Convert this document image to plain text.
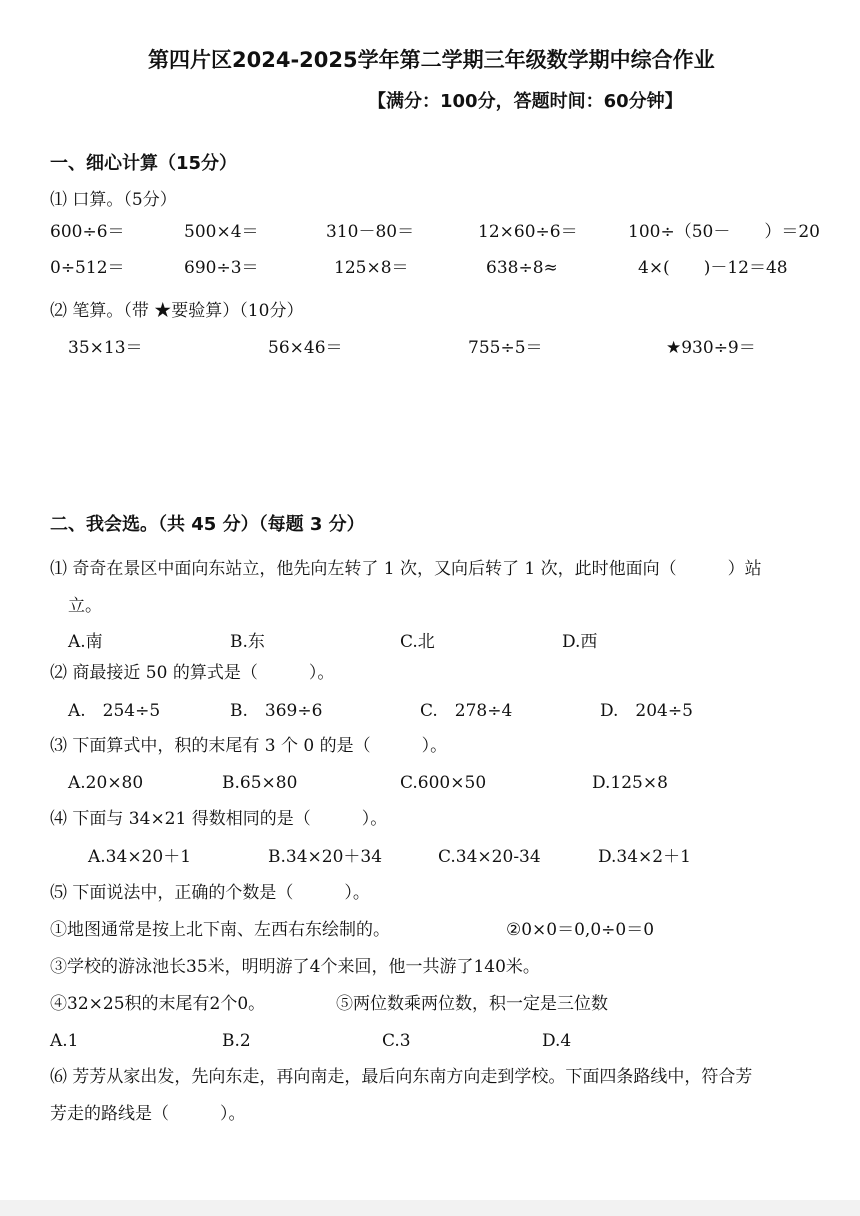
第四片区2024-2025学年第二学期三年级数学期中综合作业
【满分：100分，答题时间：60分钟】
一、细心计算（15分）
⑴ 口算。（5分）
600÷6＝	500×4＝	310－80＝	12×60÷6＝	100÷（50－　　）＝20
0÷512＝	690÷3＝	125×8＝	638÷8≈	4×(　　)－12＝48
⑵ 笔算。（带 ★要验算）（10分）
35×13＝	56×46＝	755÷5＝	★930÷9＝
二、我会选。（共 45 分）（每题 3 分）
⑴ 奇奇在景区中面向东站立，他先向左转了 1 次，又向后转了 1 次，此时他面向（　　　）站
立。
A.南	B.东	C.北	D.西
⑵ 商最接近 50 的算式是（　　　）。
A.　254÷5	B.　369÷6	C.　278÷4	D.　204÷5
⑶ 下面算式中，积的末尾有 3 个 0 的是（　　　）。
A.20×80	B.65×80	C.600×50	D.125×8
⑷ 下面与 34×21 得数相同的是（　　　）。
A.34×20＋1	B.34×20＋34	C.34×20-34	D.34×2＋1
⑸ 下面说法中，正确的个数是（　　　）。
①地图通常是按上北下南、左西右东绘制的。	②0×0＝0,0÷0＝0
③学校的游泳池长35米，明明游了4个来回，他一共游了140米。
④32×25积的末尾有2个0。	⑤两位数乘两位数，积一定是三位数
A.1	B.2	C.3	D.4
⑹ 芳芳从家出发，先向东走，再向南走，最后向东南方向走到学校。下面四条路线中，符合芳
芳走的路线是（　　　）。
